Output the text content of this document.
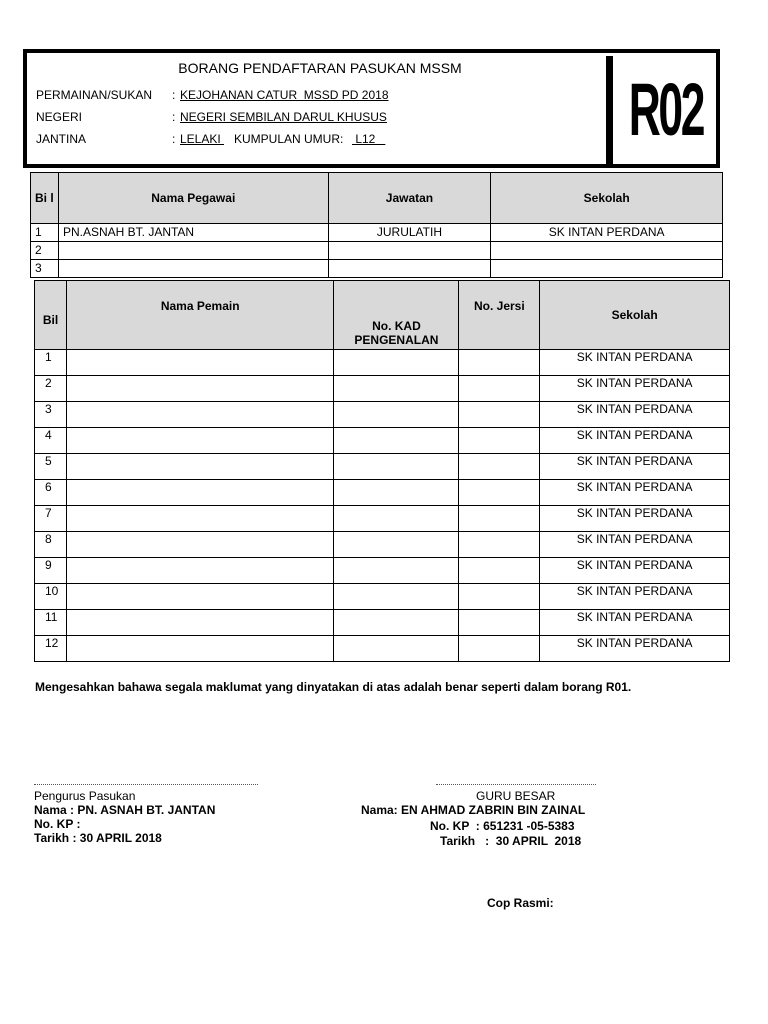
R02
BORANG PENDAFTARAN PASUKAN MSSM
PERMAINAN/SUKAN : KEJOHANAN CATUR  MSSD PD 2018
NEGERI	: NEGERI SEMBILAN DARUL KHUSUS
JANTINA	: LELAKI KUMPULAN UMUR: L12
Bi l	Nama Pegawai	Jawatan	Sekolah
1	PN.ASNAH BT. JANTAN	JURULATIH	SK INTAN PERDANA
2			
3			
Bil	Nama Pemain	No. KAD PENGENALAN	No. Jersi	Sekolah
1				SK INTAN PERDANA
2				SK INTAN PERDANA
3				SK INTAN PERDANA
4				SK INTAN PERDANA
5				SK INTAN PERDANA
6				SK INTAN PERDANA
7				SK INTAN PERDANA
8				SK INTAN PERDANA
9				SK INTAN PERDANA
10				SK INTAN PERDANA
11				SK INTAN PERDANA
12				SK INTAN PERDANA
Mengesahkan bahawa segala maklumat yang dinyatakan di atas adalah benar seperti dalam borang R01.
Pengurus Pasukan
Nama : PN. ASNAH BT. JANTAN
No. KP :
Tarikh : 30 APRIL 2018
GURU BESAR
Nama: EN AHMAD ZABRIN BIN ZAINAL
No. KP  : 651231 -05-5383
Tarikh   :  30 APRIL  2018
Cop Rasmi:
